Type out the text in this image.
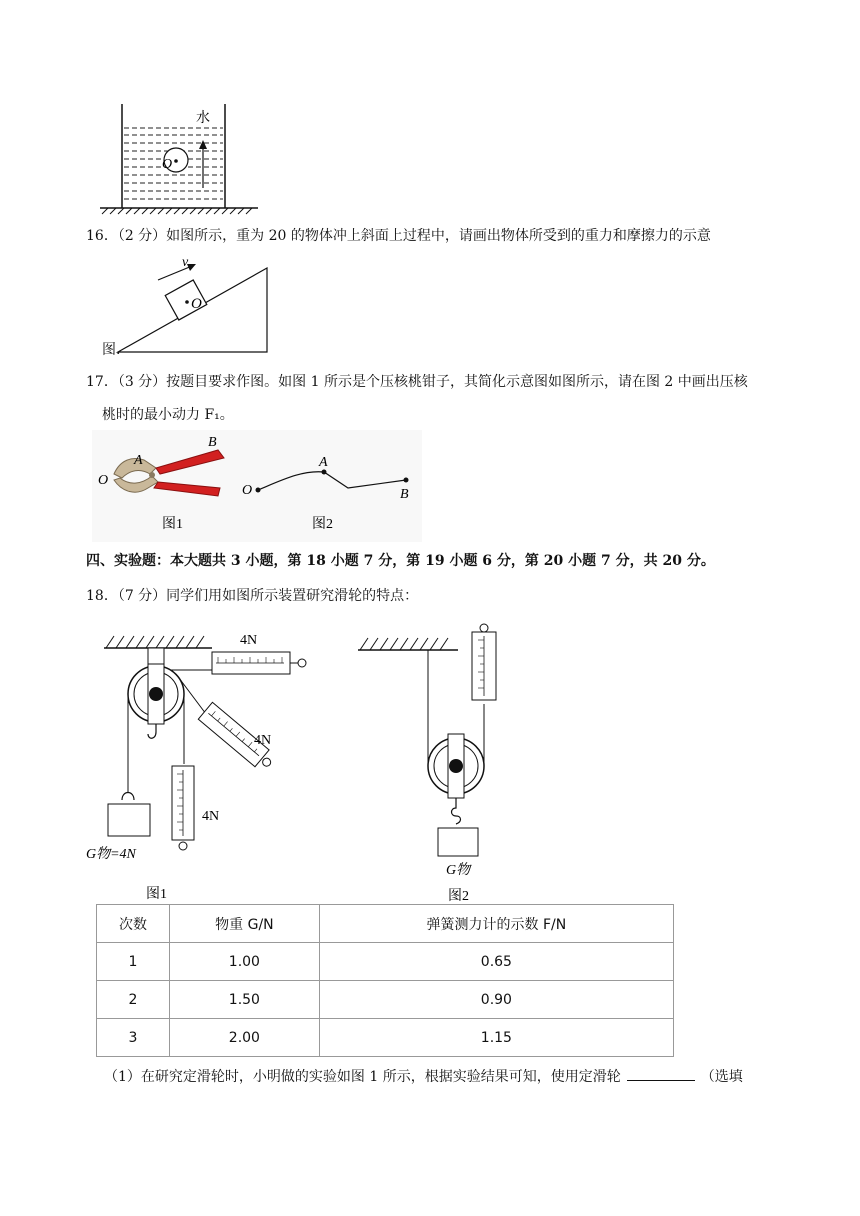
水
O
16．（2 分）如图所示，重为 20 的物体冲上斜面上过程中，请画出物体所受到的重力和摩擦力的示意
O
v
图.
17．（3 分）按题目要求作图。如图 1 所示是个压核桃钳子，其简化示意图如图所示，请在图 2 中画出压核
桃时的最小动力 F₁。
O
A
B
图1
O
A
B
图2
四、实验题：本大题共 3 小题，第 18 小题 7 分，第 19 小题 6 分，第 20 小题 7 分，共 20 分。
18．（7 分）同学们用如图所示装置研究滑轮的特点：
4N
4N
4N
G物=4N
图1
G物
图2
次数	物重 G/N	弹簧测力计的示数 F/N
1	1.00	0.65
2	1.50	0.90
3	2.00	1.15
（1）在研究定滑轮时，小明做的实验如图 1 所示，根据实验结果可知，使用定滑轮	（选填
